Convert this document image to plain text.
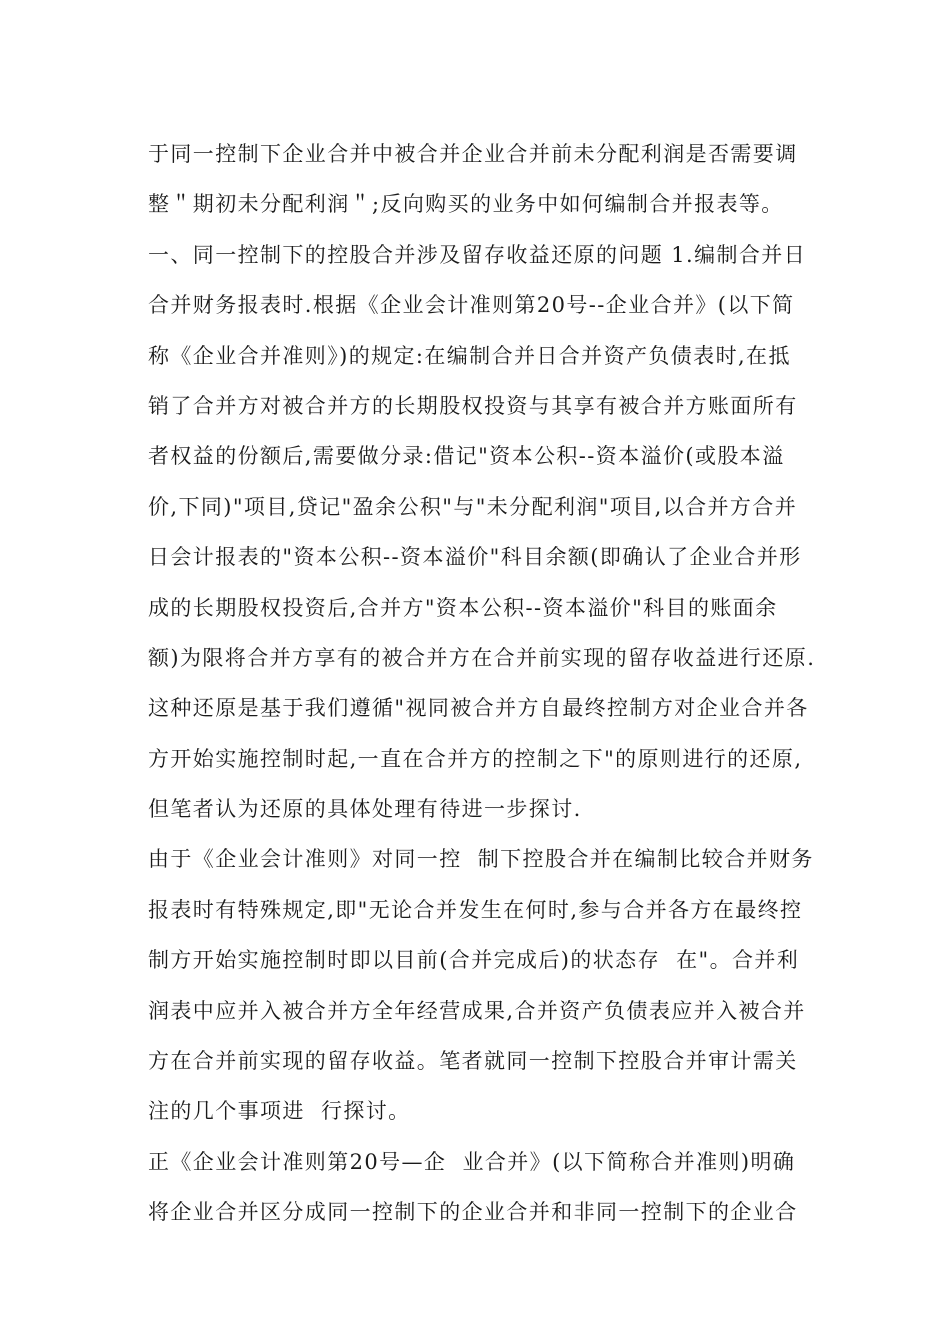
于同一控制下企业合并中被合并企业合并前未分配利润是否需要调
整＂期初未分配利润＂;反向购买的业务中如何编制合并报表等。
一、同一控制下的控股合并涉及留存收益还原的问题 1.编制合并日
合并财务报表时.根据《企业会计准则第20号--企业合并》(以下简
称《企业合并准则》)的规定:在编制合并日合并资产负债表时,在抵
销了合并方对被合并方的长期股权投资与其享有被合并方账面所有
者权益的份额后,需要做分录:借记"资本公积--资本溢价(或股本溢
价,下同)"项目,贷记"盈余公积"与"未分配利润"项目,以合并方合并
日会计报表的"资本公积--资本溢价"科目余额(即确认了企业合并形
成的长期股权投资后,合并方"资本公积--资本溢价"科目的账面余
额)为限将合并方享有的被合并方在合并前实现的留存收益进行还原.
这种还原是基于我们遵循"视同被合并方自最终控制方对企业合并各
方开始实施控制时起,一直在合并方的控制之下"的原则进行的还原,
但笔者认为还原的具体处理有待进一步探讨.
由于《企业会计准则》对同一控  制下控股合并在编制比较合并财务
报表时有特殊规定,即"无论合并发生在何时,参与合并各方在最终控
制方开始实施控制时即以目前(合并完成后)的状态存  在"。合并利
润表中应并入被合并方全年经营成果,合并资产负债表应并入被合并
方在合并前实现的留存收益。笔者就同一控制下控股合并审计需关
注的几个事项进  行探讨。
正《企业会计准则第20号—企  业合并》(以下简称合并准则)明确
将企业合并区分成同一控制下的企业合并和非同一控制下的企业合
